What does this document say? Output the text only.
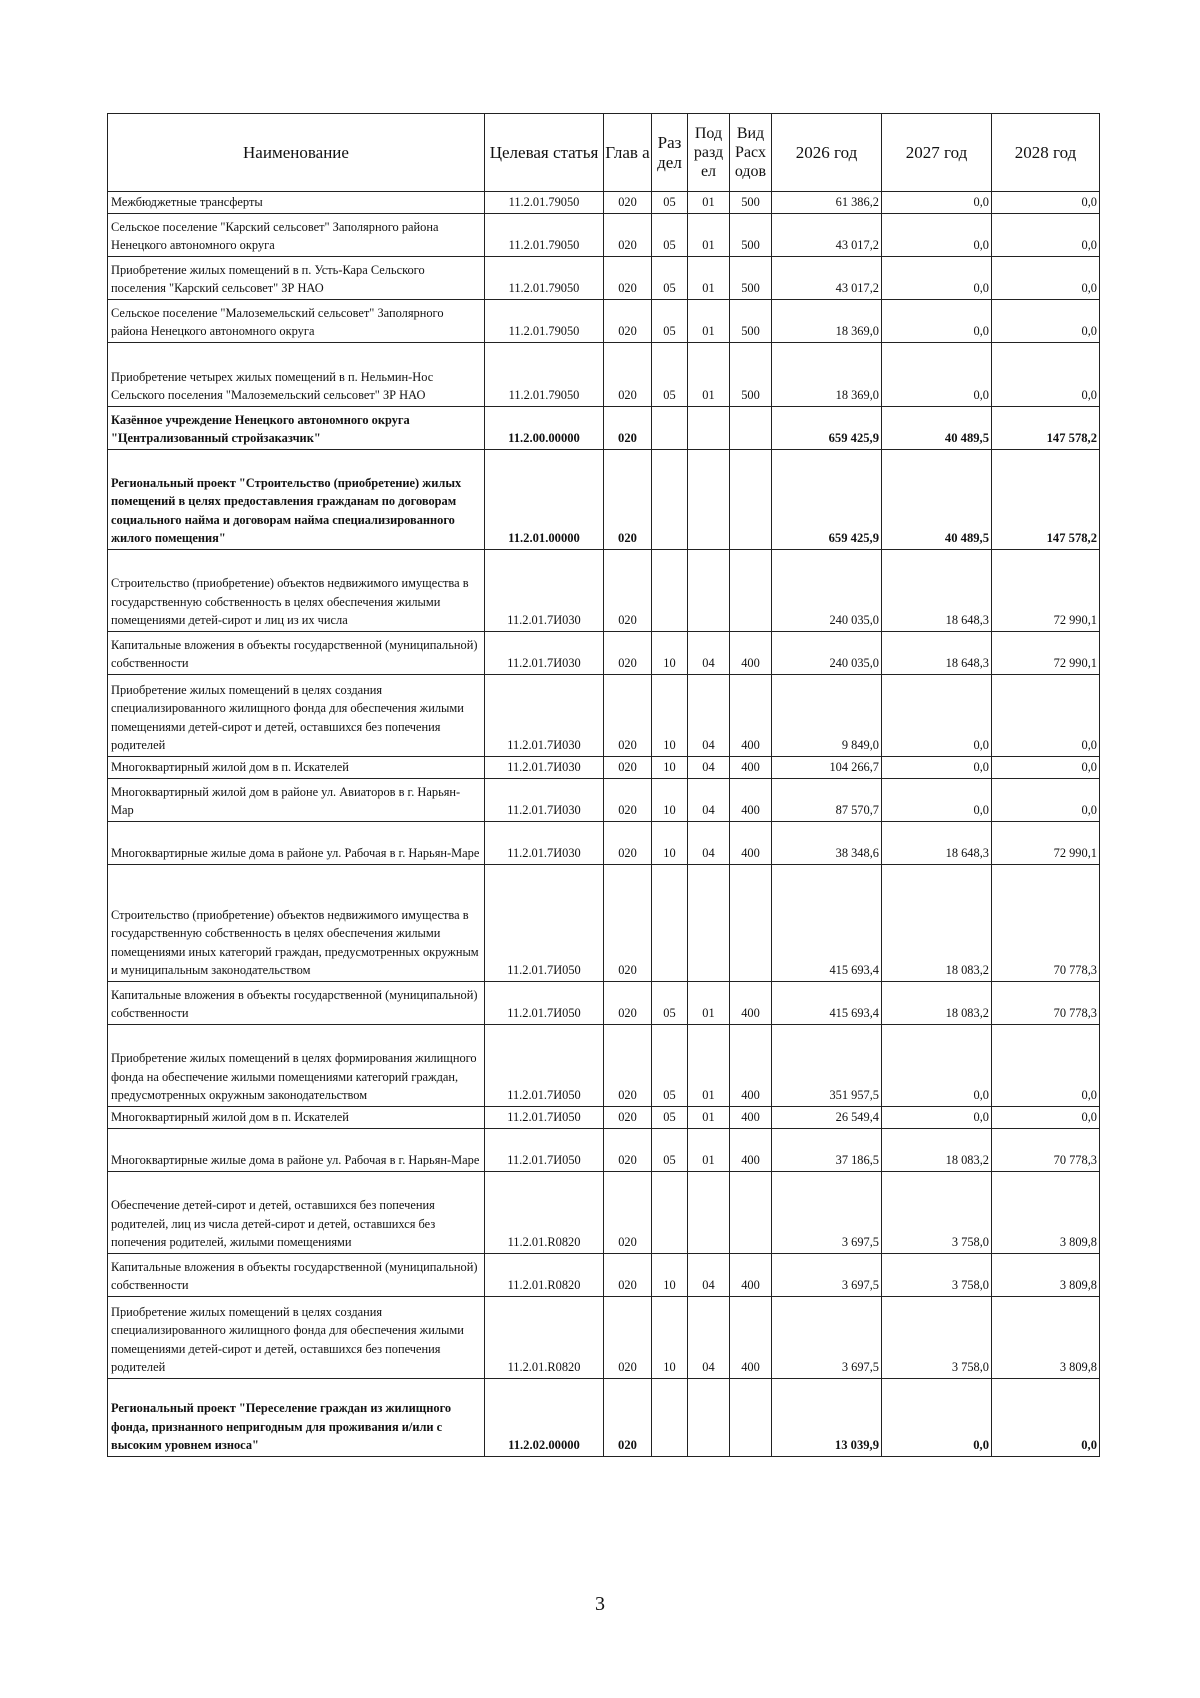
Наименование	Целевая статья	Глав а	Раз дел	Под разд ел	Вид Расх одов	2026 год	2027 год	2028 год
Межбюджетные трансферты	11.2.01.79050	020	05	01	500	61 386,2	0,0	0,0
Сельское поселение "Карский сельсовет" Заполярного района Ненецкого автономного округа	11.2.01.79050	020	05	01	500	43 017,2	0,0	0,0
Приобретение жилых помещений в п. Усть-Кара Сельского поселения "Карский сельсовет" ЗР НАО	11.2.01.79050	020	05	01	500	43 017,2	0,0	0,0
Сельское поселение "Малоземельский сельсовет" Заполярного района Ненецкого автономного округа	11.2.01.79050	020	05	01	500	18 369,0	0,0	0,0
Приобретение четырех жилых помещений в п. Нельмин-Нос Сельского поселения "Малоземельский сельсовет" ЗР НАО	11.2.01.79050	020	05	01	500	18 369,0	0,0	0,0
Казённое учреждение Ненецкого автономного округа "Централизованный стройзаказчик"	11.2.00.00000	020				659 425,9	40 489,5	147 578,2
Региональный проект "Строительство (приобретение) жилых помещений в целях предоставления гражданам по договорам социального найма и договорам найма специализированного жилого помещения"	11.2.01.00000	020				659 425,9	40 489,5	147 578,2
Строительство (приобретение) объектов недвижимого имущества в государственную собственность в целях обеспечения жилыми помещениями детей-сирот и лиц из их числа	11.2.01.7И030	020				240 035,0	18 648,3	72 990,1
Капитальные вложения в объекты государственной (муниципальной) собственности	11.2.01.7И030	020	10	04	400	240 035,0	18 648,3	72 990,1
Приобретение жилых помещений в целях создания специализированного жилищного фонда для обеспечения жилыми помещениями детей-сирот и детей, оставшихся без попечения родителей	11.2.01.7И030	020	10	04	400	9 849,0	0,0	0,0
Многоквартирный жилой дом в п. Искателей	11.2.01.7И030	020	10	04	400	104 266,7	0,0	0,0
Многоквартирный жилой дом в районе ул. Авиаторов в г. Нарьян-Мар	11.2.01.7И030	020	10	04	400	87 570,7	0,0	0,0
Многоквартирные жилые дома в районе ул. Рабочая в г. Нарьян-Маре	11.2.01.7И030	020	10	04	400	38 348,6	18 648,3	72 990,1
Строительство (приобретение) объектов недвижимого имущества в государственную собственность в целях обеспечения жилыми помещениями иных категорий граждан, предусмотренных окружным и муниципальным законодательством	11.2.01.7И050	020				415 693,4	18 083,2	70 778,3
Капитальные вложения в объекты государственной (муниципальной) собственности	11.2.01.7И050	020	05	01	400	415 693,4	18 083,2	70 778,3
Приобретение жилых помещений в целях формирования жилищного фонда на обеспечение жилыми помещениями категорий граждан, предусмотренных окружным законодательством	11.2.01.7И050	020	05	01	400	351 957,5	0,0	0,0
Многоквартирный жилой дом в п. Искателей	11.2.01.7И050	020	05	01	400	26 549,4	0,0	0,0
Многоквартирные жилые дома в районе ул. Рабочая в г. Нарьян-Маре	11.2.01.7И050	020	05	01	400	37 186,5	18 083,2	70 778,3
Обеспечение детей-сирот и детей, оставшихся без попечения родителей, лиц из числа детей-сирот и детей, оставшихся без попечения родителей, жилыми помещениями	11.2.01.R0820	020				3 697,5	3 758,0	3 809,8
Капитальные вложения в объекты государственной (муниципальной) собственности	11.2.01.R0820	020	10	04	400	3 697,5	3 758,0	3 809,8
Приобретение жилых помещений в целях создания специализированного жилищного фонда для обеспечения жилыми помещениями детей-сирот и детей, оставшихся без попечения родителей	11.2.01.R0820	020	10	04	400	3 697,5	3 758,0	3 809,8
Региональный проект "Переселение граждан из жилищного фонда, признанного непригодным для проживания и/или с высоким уровнем износа"	11.2.02.00000	020				13 039,9	0,0	0,0
3
